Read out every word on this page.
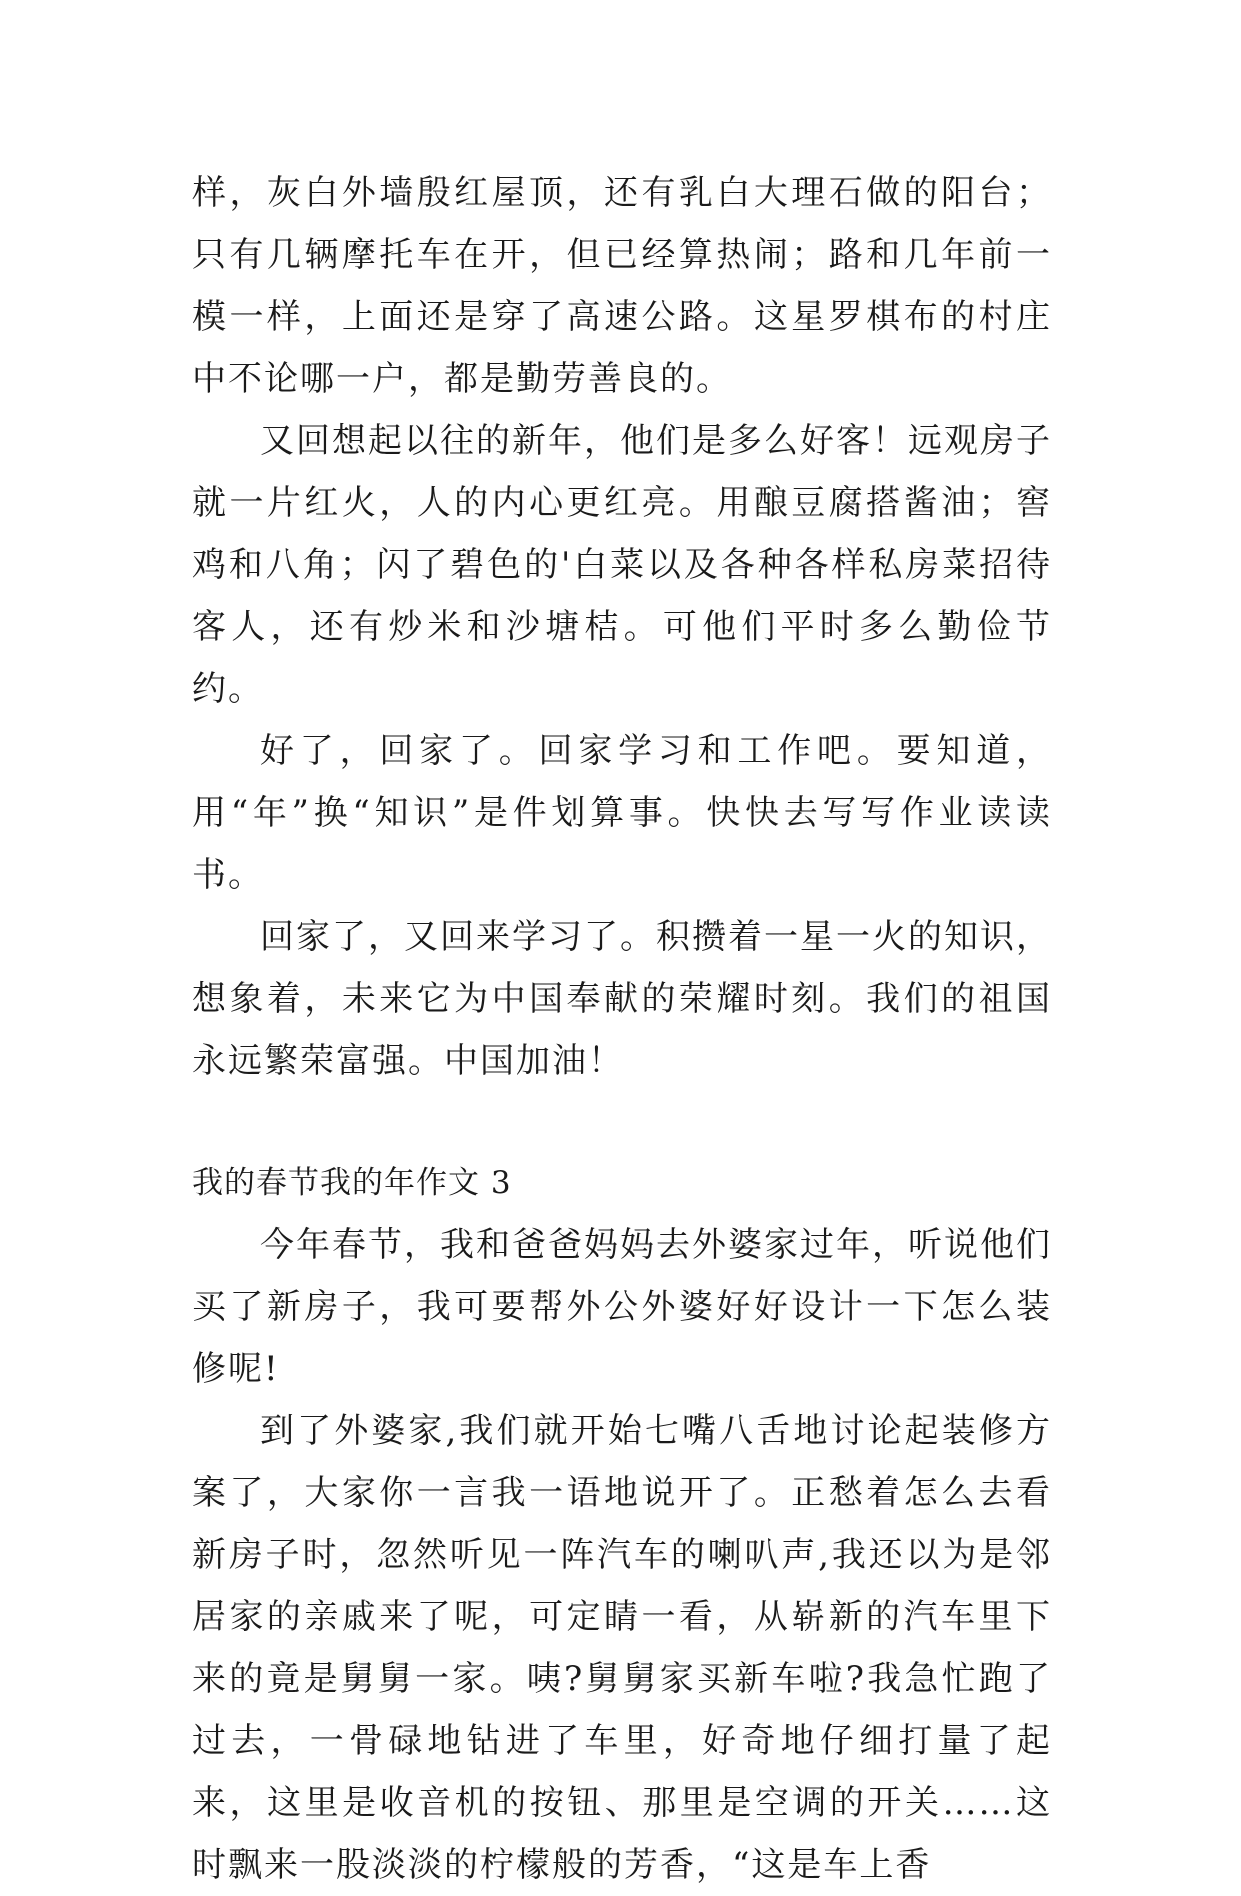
样，灰白外墙殷红屋顶，还有乳白大理石做的阳台；只有几辆摩托车在开，但已经算热闹；路和几年前一模一样，上面还是穿了高速公路。这星罗棋布的村庄中不论哪一户，都是勤劳善良的。

又回想起以往的新年，他们是多么好客！远观房子就一片红火，人的内心更红亮。用酿豆腐搭酱油；窖鸡和八角；闪了碧色的'白菜以及各种各样私房菜招待客人，还有炒米和沙塘桔。可他们平时多么勤俭节约。

好了，回家了。回家学习和工作吧。要知道，用“年”换“知识”是件划算事。快快去写写作业读读书。

回家了，又回来学习了。积攒着一星一火的知识，想象着，未来它为中国奉献的荣耀时刻。我们的祖国永远繁荣富强。中国加油！

我的春节我的年作文 3

今年春节，我和爸爸妈妈去外婆家过年，听说他们买了新房子，我可要帮外公外婆好好设计一下怎么装修呢!

到了外婆家,我们就开始七嘴八舌地讨论起装修方案了，大家你一言我一语地说开了。正愁着怎么去看新房子时，忽然听见一阵汽车的喇叭声,我还以为是邻居家的亲戚来了呢，可定睛一看，从崭新的汽车里下来的竟是舅舅一家。咦?舅舅家买新车啦?我急忙跑了过去，一骨碌地钻进了车里，好奇地仔细打量了起来，这里是收音机的按钮、那里是空调的开关……这时飘来一股淡淡的柠檬般的芳香，“这是车上香
